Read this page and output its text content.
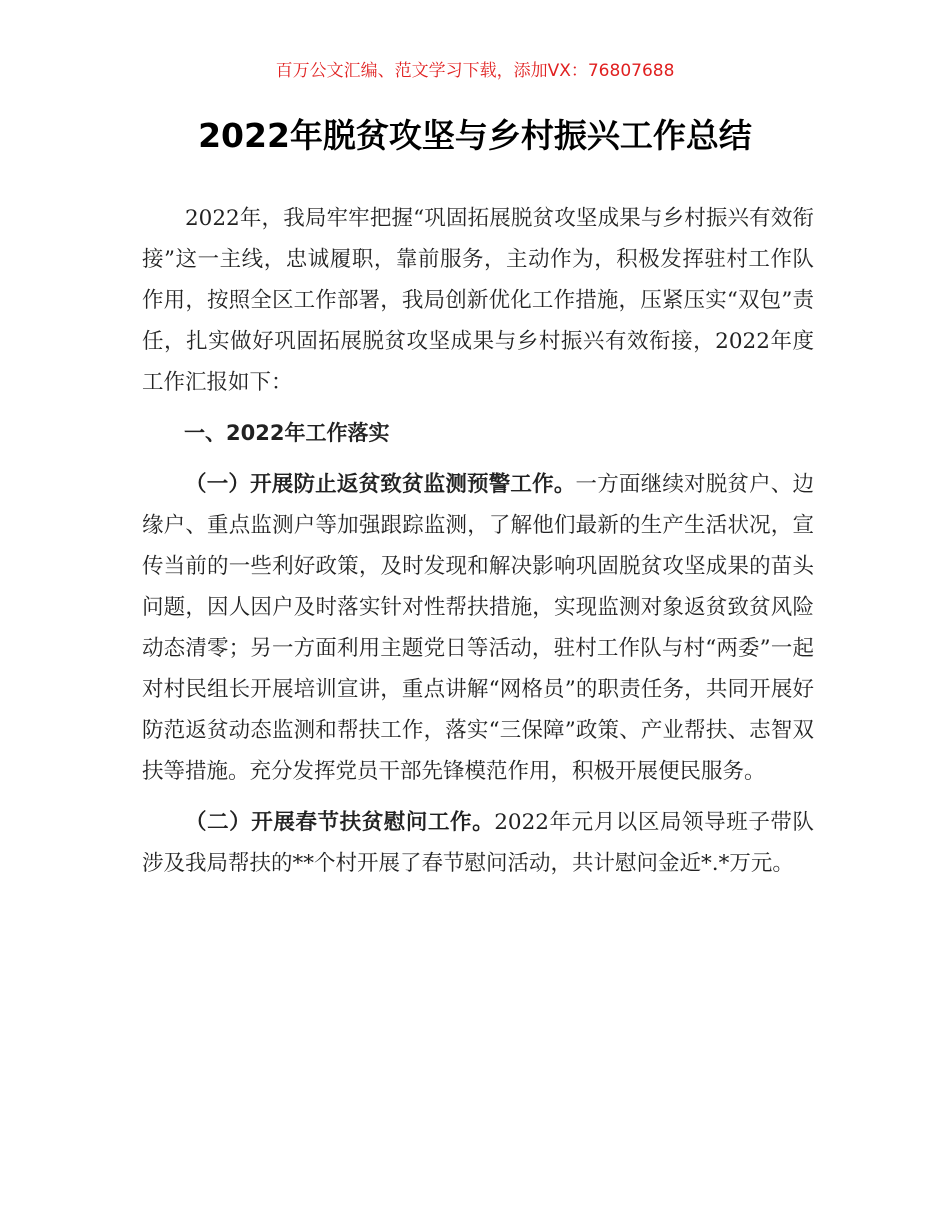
百万公文汇编、范文学习下载，添加VX：76807688
2022年脱贫攻坚与乡村振兴工作总结

2022年，我局牢牢把握“巩固拓展脱贫攻坚成果与乡村振兴有效衔接”这一主线，忠诚履职，靠前服务，主动作为，积极发挥驻村工作队作用，按照全区工作部署，我局创新优化工作措施，压紧压实“双包”责任，扎实做好巩固拓展脱贫攻坚成果与乡村振兴有效衔接，2022年度工作汇报如下：

一、2022年工作落实

（一）开展防止返贫致贫监测预警工作。一方面继续对脱贫户、边缘户、重点监测户等加强跟踪监测，了解他们最新的生产生活状况，宣传当前的一些利好政策，及时发现和解决影响巩固脱贫攻坚成果的苗头问题，因人因户及时落实针对性帮扶措施，实现监测对象返贫致贫风险动态清零；另一方面利用主题党日等活动，驻村工作队与村“两委”一起对村民组长开展培训宣讲，重点讲解“网格员”的职责任务，共同开展好防范返贫动态监测和帮扶工作，落实“三保障”政策、产业帮扶、志智双扶等措施。充分发挥党员干部先锋模范作用，积极开展便民服务。

（二）开展春节扶贫慰问工作。2022年元月以区局领导班子带队涉及我局帮扶的**个村开展了春节慰问活动，共计慰问金近*.*万元。
